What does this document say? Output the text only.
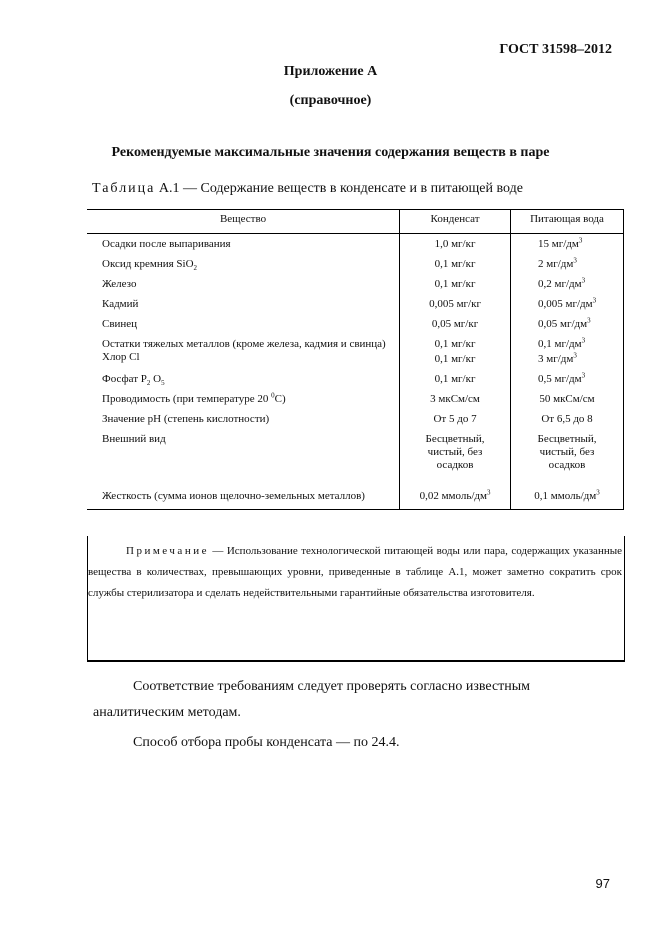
ГОСТ 31598–2012
Приложение А
(справочное)
Рекомендуемые максимальные значения содержания веществ в паре
Таблица А.1 — Содержание веществ в конденсате и в питающей воде
Вещество	Конденсат	Питающая вода
Осадки после выпаривания	1,0 мг/кг	15 $мг/дм^3$
Оксид кремния SiO$_2$	0,1 мг/кг	2 $мг/дм^3$
Железо	0,1 мг/кг	0,2 $мг/дм^3$
Кадмий	0,005 мг/кг	0,005 $мг/дм^3$
Свинец	0,05 мг/кг	0,05 $мг/дм^3$
Остатки тяжелых металлов (кроме железа, кадмия и свинца)	0,1 мг/кг	0,1 $мг/дм^3$
Хлор Cl	0,1 мг/кг	3 $мг/дм^3$
Фосфат $P_2$ $O_5$	0,1 мг/кг	0,5 $мг/дм^3$
Проводимость (при температуре 20 $^0$С)	3 мкСм/см	50 мкСм/см
Значение рН (степень кислотности)	От 5 до 7	От 6,5 до 8
Внешний вид	Бесцветный, чистый, без осадков	Бесцветный, чистый, без осадков
Жесткость (сумма ионов щелочно-земельных металлов)	0,02 ммоль/$дм^3$	0,1 ммоль/$дм^3$
Примечание — Использование технологической питающей воды или пара, содержащих указанные вещества в количествах, превышающих уровни, приведенные в таблице А.1, может заметно сократить срок службы стерилизатора и сделать недействительными гарантийные обязательства изготовителя.
Соответствие требованиям следует проверять согласно известным
аналитическим методам.
Способ отбора пробы конденсата — по 24.4.
97
